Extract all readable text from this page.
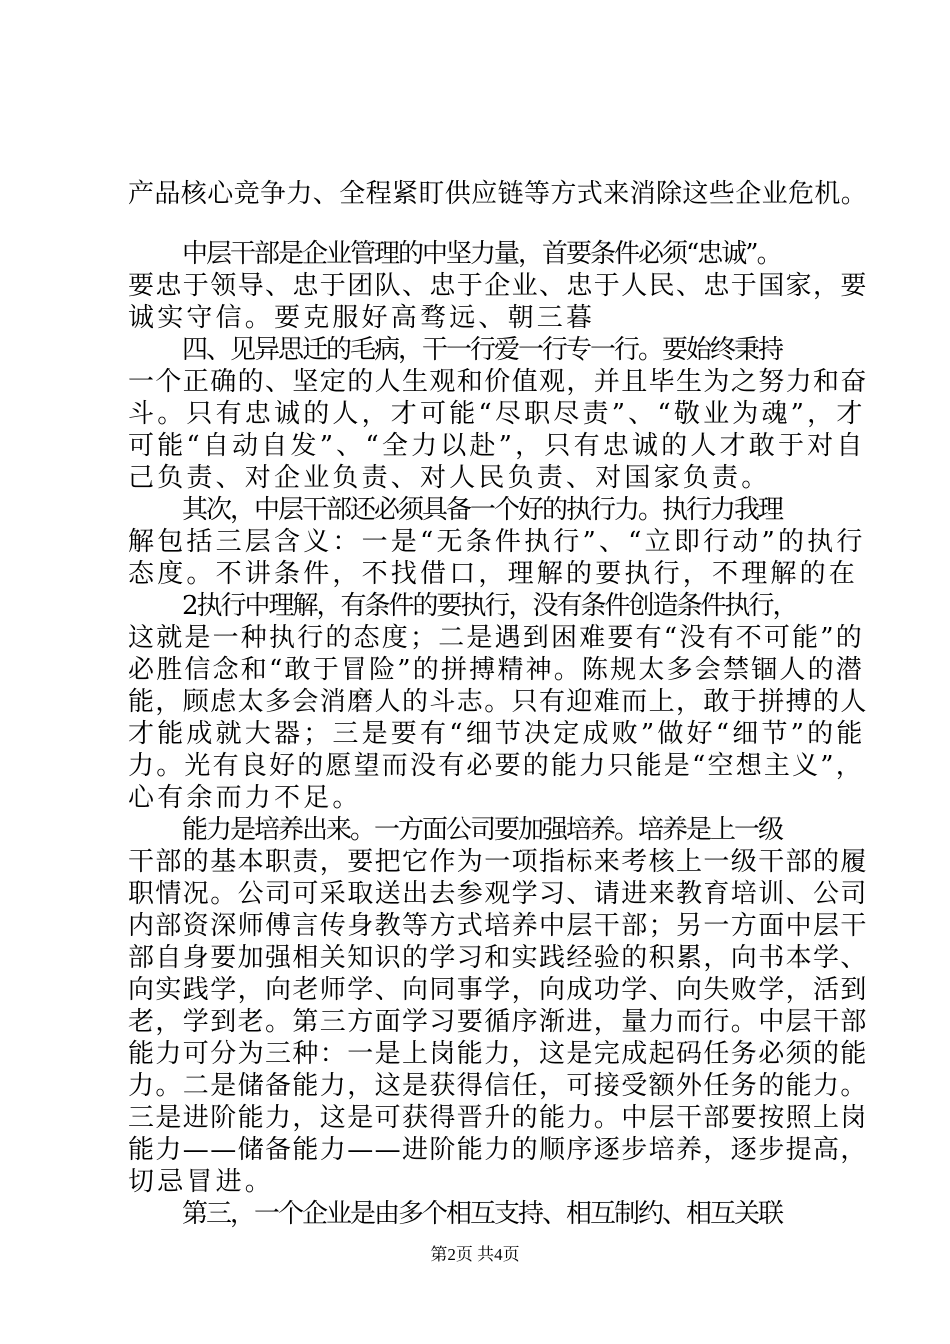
产品核心竞争力、全程紧盯供应链等方式来消除这些企业危机。
中层干部是企业管理的中坚力量，首要条件必须“忠诚”。
要忠于领导、忠于团队、忠于企业、忠于人民、忠于国家，要
诚实守信。要克服好高骛远、朝三暮
四、见异思迁的毛病，干一行爱一行专一行。要始终秉持
一个正确的、坚定的人生观和价值观，并且毕生为之努力和奋
斗。只有忠诚的人，才可能“尽职尽责”、“敬业为魂”，才
可能“自动自发”、“全力以赴”，只有忠诚的人才敢于对自
己负责、对企业负责、对人民负责、对国家负责。
其次，中层干部还必须具备一个好的执行力。执行力我理
解包括三层含义：一是“无条件执行”、“立即行动”的执行
态度。不讲条件，不找借口，理解的要执行，不理解的在
2执行中理解，有条件的要执行，没有条件创造条件执行，
这就是一种执行的态度；二是遇到困难要有“没有不可能”的
必胜信念和“敢于冒险”的拼搏精神。陈规太多会禁锢人的潜
能，顾虑太多会消磨人的斗志。只有迎难而上，敢于拼搏的人
才能成就大器；三是要有“细节决定成败”做好“细节”的能
力。光有良好的愿望而没有必要的能力只能是“空想主义”，
心有余而力不足。
能力是培养出来。一方面公司要加强培养。培养是上一级
干部的基本职责，要把它作为一项指标来考核上一级干部的履
职情况。公司可采取送出去参观学习、请进来教育培训、公司
内部资深师傅言传身教等方式培养中层干部；另一方面中层干
部自身要加强相关知识的学习和实践经验的积累，向书本学、
向实践学，向老师学、向同事学，向成功学、向失败学，活到
老，学到老。第三方面学习要循序渐进，量力而行。中层干部
能力可分为三种：一是上岗能力，这是完成起码任务必须的能
力。二是储备能力，这是获得信任，可接受额外任务的能力。
三是进阶能力，这是可获得晋升的能力。中层干部要按照上岗
能力——储备能力——进阶能力的顺序逐步培养，逐步提高，
切忌冒进。
第三，一个企业是由多个相互支持、相互制约、相互关联
第2页 共4页
